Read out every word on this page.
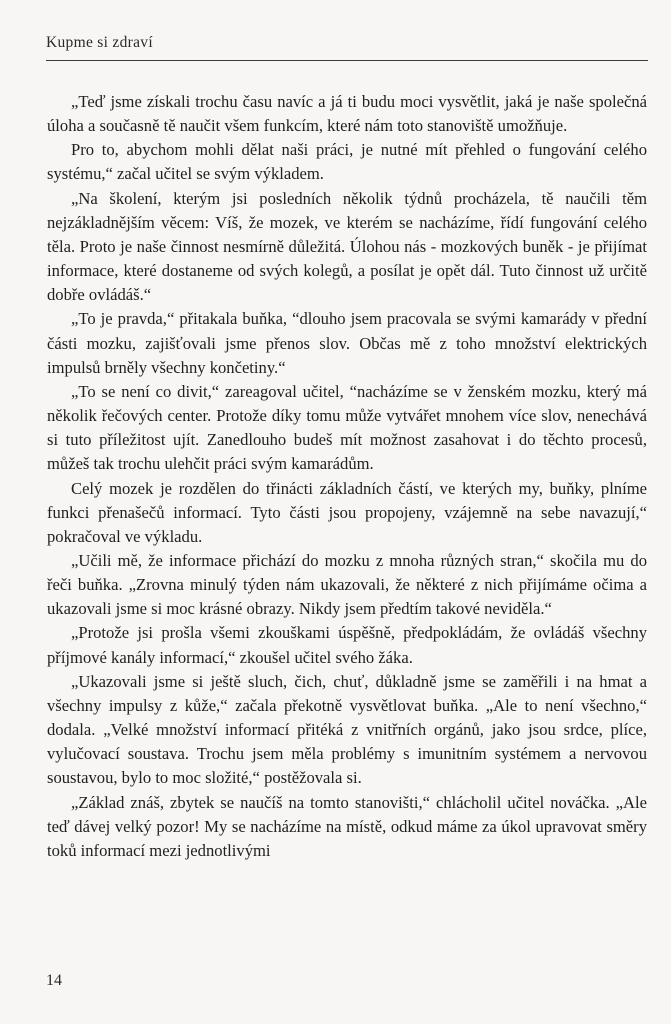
Kupme si zdraví

„Teď jsme získali trochu času navíc a já ti budu moci vysvětlit, jaká je naše společná úloha a současně tě naučit všem funkcím, které nám toto stanoviště umožňuje.

Pro to, abychom mohli dělat naši práci, je nutné mít přehled o fungování celého systému,“ začal učitel se svým výkladem.

„Na školení, kterým jsi posledních několik týdnů procházela, tě naučili těm nejzákladnějším věcem: Víš, že mozek, ve kterém se nacházíme, řídí fungování celého těla. Proto je naše činnost nesmírně důležitá. Úlohou nás - mozkových buněk - je přijímat informace, které dostaneme od svých kolegů, a posílat je opět dál. Tuto činnost už určitě dobře ovládáš.“

„To je pravda,“ přitakala buňka, “dlouho jsem pracovala se svými kamarády v přední části mozku, zajišťovali jsme přenos slov. Občas mě z toho množství elektrických impulsů brněly všechny končetiny.“

„To se není co divit,“ zareagoval učitel, “nacházíme se v ženském mozku, který má několik řečových center. Protože díky tomu může vytvářet mnohem více slov, nenechává si tuto příležitost ujít. Zanedlouho budeš mít možnost zasahovat i do těchto procesů, můžeš tak trochu ulehčit práci svým kamarádům.

Celý mozek je rozdělen do třinácti základních částí, ve kterých my, buňky, plníme funkci přenašečů informací. Tyto části jsou propojeny, vzájemně na sebe navazují,“ pokračoval ve výkladu.

„Učili mě, že informace přichází do mozku z mnoha různých stran,“ skočila mu do řeči buňka. „Zrovna minulý týden nám ukazovali, že některé z nich přijímáme očima a ukazovali jsme si moc krásné obrazy. Nikdy jsem předtím takové neviděla.“

„Protože jsi prošla všemi zkouškami úspěšně, předpokládám, že ovládáš všechny příjmové kanály informací,“ zkoušel učitel svého žáka.

„Ukazovali jsme si ještě sluch, čich, chuť, důkladně jsme se zaměřili i na hmat a všechny impulsy z kůže,“ začala překotně vysvětlovat buňka. „Ale to není všechno,“ dodala. „Velké množství informací přitéká z vnitřních orgánů, jako jsou srdce, plíce, vylučovací soustava. Trochu jsem měla problémy s imunitním systémem a nervovou soustavou, bylo to moc složité,“ postěžovala si.

„Základ znáš, zbytek se naučíš na tomto stanovišti,“ chlácholil učitel nováčka. „Ale teď dávej velký pozor! My se nacházíme na místě, odkud máme za úkol upravovat směry toků informací mezi jednotlivými

14
